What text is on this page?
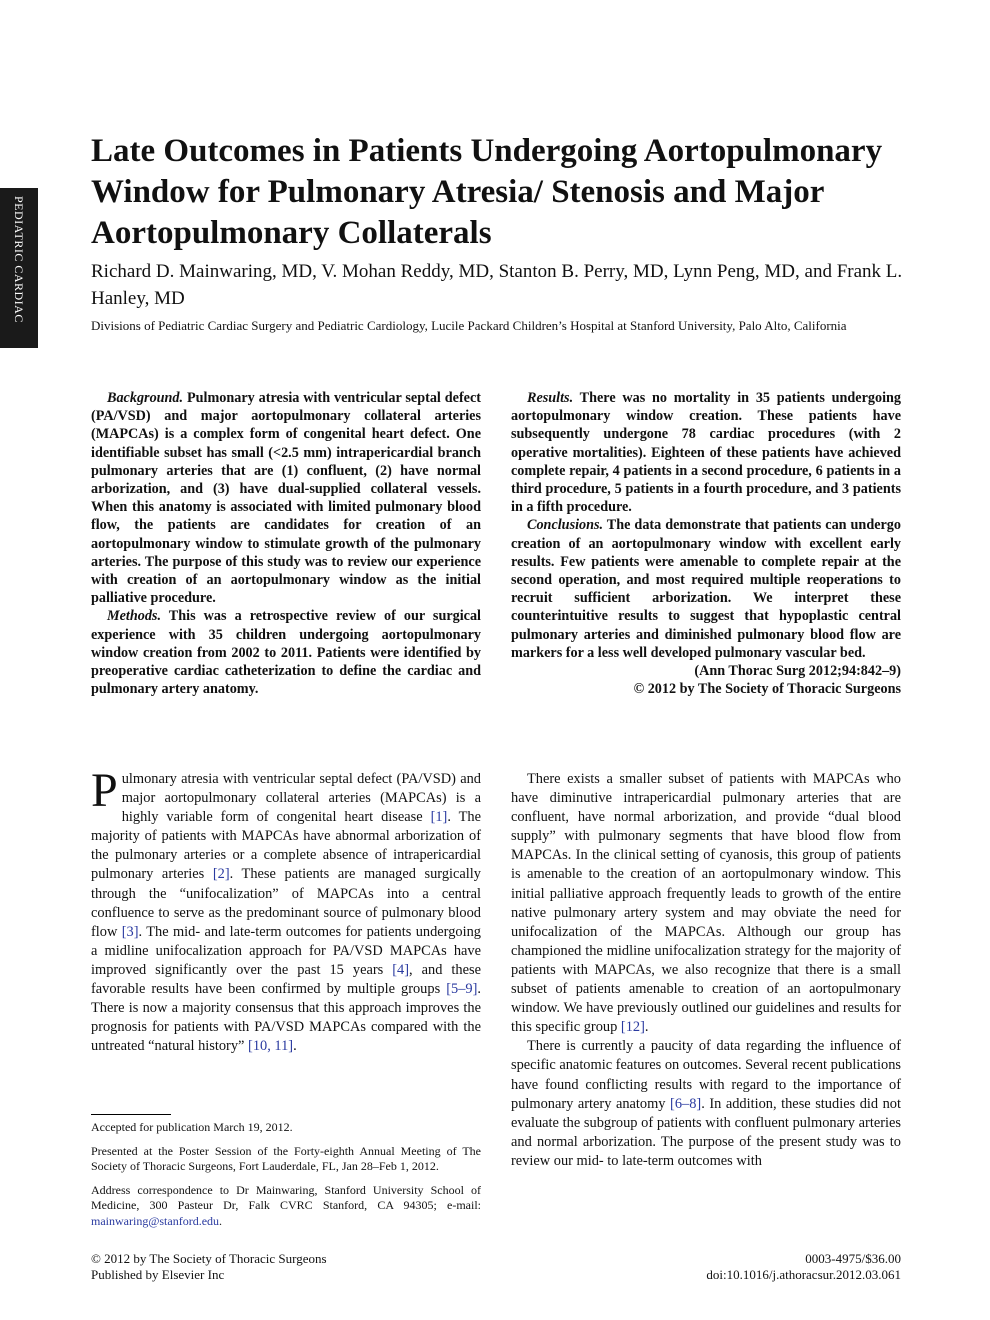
PEDIATRIC CARDIAC
Late Outcomes in Patients Undergoing Aortopulmonary Window for Pulmonary Atresia/ Stenosis and Major Aortopulmonary Collaterals
Richard D. Mainwaring, MD, V. Mohan Reddy, MD, Stanton B. Perry, MD, Lynn Peng, MD, and Frank L. Hanley, MD
Divisions of Pediatric Cardiac Surgery and Pediatric Cardiology, Lucile Packard Children’s Hospital at Stanford University, Palo Alto, California

Background. Pulmonary atresia with ventricular septal defect (PA/VSD) and major aortopulmonary collateral arteries (MAPCAs) is a complex form of congenital heart defect. One identifiable subset has small (<2.5 mm) intrapericardial branch pulmonary arteries that are (1) confluent, (2) have normal arborization, and (3) have dual-supplied collateral vessels. When this anatomy is associated with limited pulmonary blood flow, the patients are candidates for creation of an aortopulmonary window to stimulate growth of the pulmonary arteries. The purpose of this study was to review our experience with creation of an aortopulmonary window as the initial palliative procedure.

Methods. This was a retrospective review of our surgical experience with 35 children undergoing aortopulmonary window creation from 2002 to 2011. Patients were identified by preoperative cardiac catheterization to define the cardiac and pulmonary artery anatomy.

Results. There was no mortality in 35 patients undergoing aortopulmonary window creation. These patients have subsequently undergone 78 cardiac procedures (with 2 operative mortalities). Eighteen of these patients have achieved complete repair, 4 patients in a second procedure, 6 patients in a third procedure, 5 patients in a fourth procedure, and 3 patients in a fifth procedure.

Conclusions. The data demonstrate that patients can undergo creation of an aortopulmonary window with excellent early results. Few patients were amenable to complete repair at the second operation, and most required multiple reoperations to recruit sufficient arborization. We interpret these counterintuitive results to suggest that hypoplastic central pulmonary arteries and diminished pulmonary blood flow are markers for a less well developed pulmonary vascular bed.

(Ann Thorac Surg 2012;94:842–9)

© 2012 by The Society of Thoracic Surgeons

Pulmonary atresia with ventricular septal defect (PA/VSD) and major aortopulmonary collateral arteries (MAPCAs) is a highly variable form of congenital heart disease [1]. The majority of patients with MAPCAs have abnormal arborization of the pulmonary arteries or a complete absence of intrapericardial pulmonary arteries [2]. These patients are managed surgically through the “unifocalization” of MAPCAs into a central confluence to serve as the predominant source of pulmonary blood flow [3]. The mid- and late-term outcomes for patients undergoing a midline unifocalization approach for PA/VSD MAPCAs have improved significantly over the past 15 years [4], and these favorable results have been confirmed by multiple groups [5–9]. There is now a majority consensus that this approach improves the prognosis for patients with PA/VSD MAPCAs compared with the untreated “natural history” [10, 11].

There exists a smaller subset of patients with MAPCAs who have diminutive intrapericardial pulmonary arteries that are confluent, have normal arborization, and provide “dual blood supply” with pulmonary segments that have blood flow from MAPCAs. In the clinical setting of cyanosis, this group of patients is amenable to the creation of an aortopulmonary window. This initial palliative approach frequently leads to growth of the entire native pulmonary artery system and may obviate the need for unifocalization of the MAPCAs. Although our group has championed the midline unifocalization strategy for the majority of patients with MAPCAs, we also recognize that there is a small subset of patients amenable to creation of an aortopulmonary window. We have previously outlined our guidelines and results for this specific group [12].

There is currently a paucity of data regarding the influence of specific anatomic features on outcomes. Several recent publications have found conflicting results with regard to the importance of pulmonary artery anatomy [6–8]. In addition, these studies did not evaluate the subgroup of patients with confluent pulmonary arteries and normal arborization. The purpose of the present study was to review our mid- to late-term outcomes with

Accepted for publication March 19, 2012.

Presented at the Poster Session of the Forty-eighth Annual Meeting of The Society of Thoracic Surgeons, Fort Lauderdale, FL, Jan 28–Feb 1, 2012.

Address correspondence to Dr Mainwaring, Stanford University School of Medicine, 300 Pasteur Dr, Falk CVRC Stanford, CA 94305; e-mail: mainwaring@stanford.edu.

© 2012 by The Society of Thoracic Surgeons
Published by Elsevier Inc
0003-4975/$36.00
doi:10.1016/j.athoracsur.2012.03.061
